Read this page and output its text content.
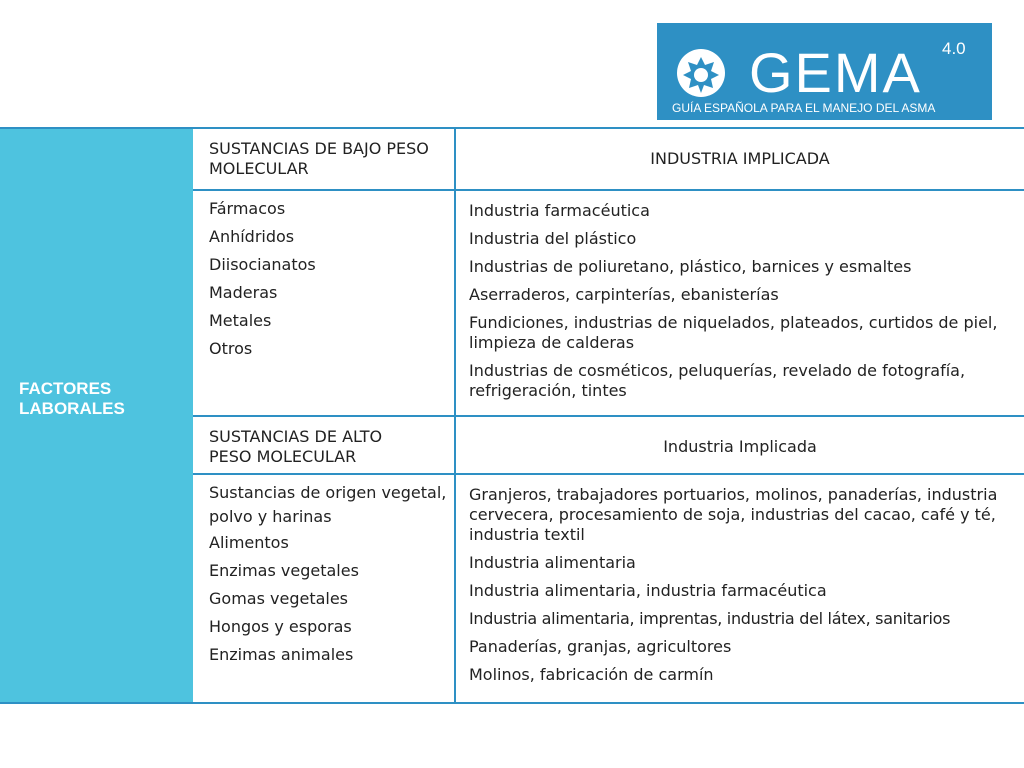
GEMA 4.0
GUÍA ESPAÑOLA PARA EL MANEJO DEL ASMA
FACTORES LABORALES
SUSTANCIAS DE BAJO PESO MOLECULAR
INDUSTRIA IMPLICADA
Fármacos
Anhídridos
Diisocianatos
Maderas
Metales
Otros
Industria farmacéutica
Industria del plástico
Industrias de poliuretano, plástico, barnices y esmaltes
Aserraderos, carpinterías, ebanisterías
Fundiciones, industrias de niquelados, plateados, curtidos de piel, limpieza de calderas
Industrias de cosméticos, peluquerías, revelado de fotografía, refrigeración, tintes
SUSTANCIAS DE ALTO PESO MOLECULAR
Industria Implicada
Sustancias de origen vegetal, polvo y harinas
Alimentos
Enzimas vegetales
Gomas vegetales
Hongos y esporas
Enzimas animales
Granjeros, trabajadores portuarios, molinos, panaderías, industria cervecera, procesamiento de soja, industrias del cacao, café y té, industria textil
Industria alimentaria
Industria alimentaria, industria farmacéutica
Industria alimentaria, imprentas, industria del látex, sanitarios
Panaderías, granjas, agricultores
Molinos, fabricación de carmín
